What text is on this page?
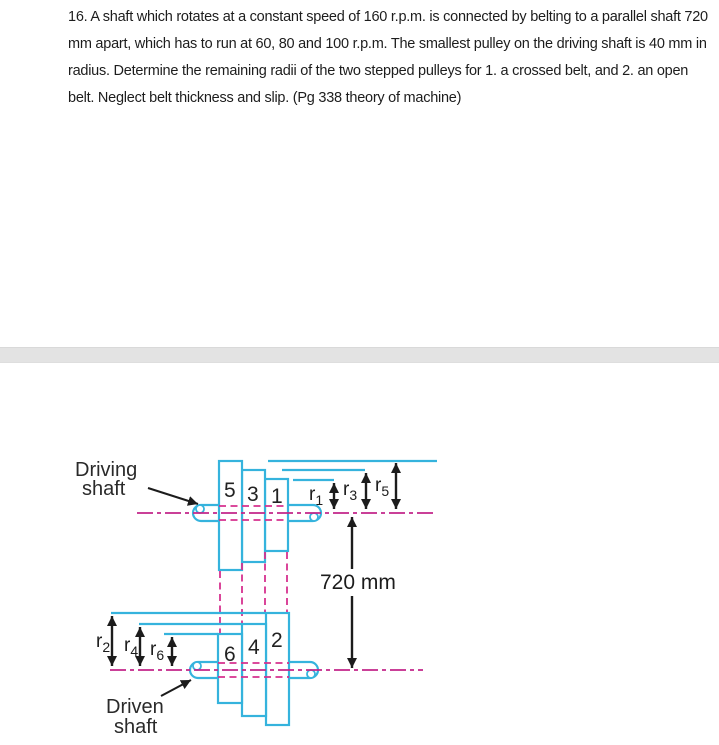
16. A shaft which rotates at a constant speed of 160 r.p.m. is connected by belting to a parallel shaft 720
mm apart, which has to run at 60, 80 and 100 r.p.m. The smallest pulley on the driving shaft is 40 mm in
radius. Determine the remaining radii of the two stepped pulleys for 1. a crossed belt, and 2. an open
belt. Neglect belt thickness and slip. (Pg 338 theory of machine)
720 mm
Driving
shaft
Driven
shaft
5 3 1
6 4 2
$r_1$ $r_3$ $r_5$
$r_2$ $r_4$ $r_6$
